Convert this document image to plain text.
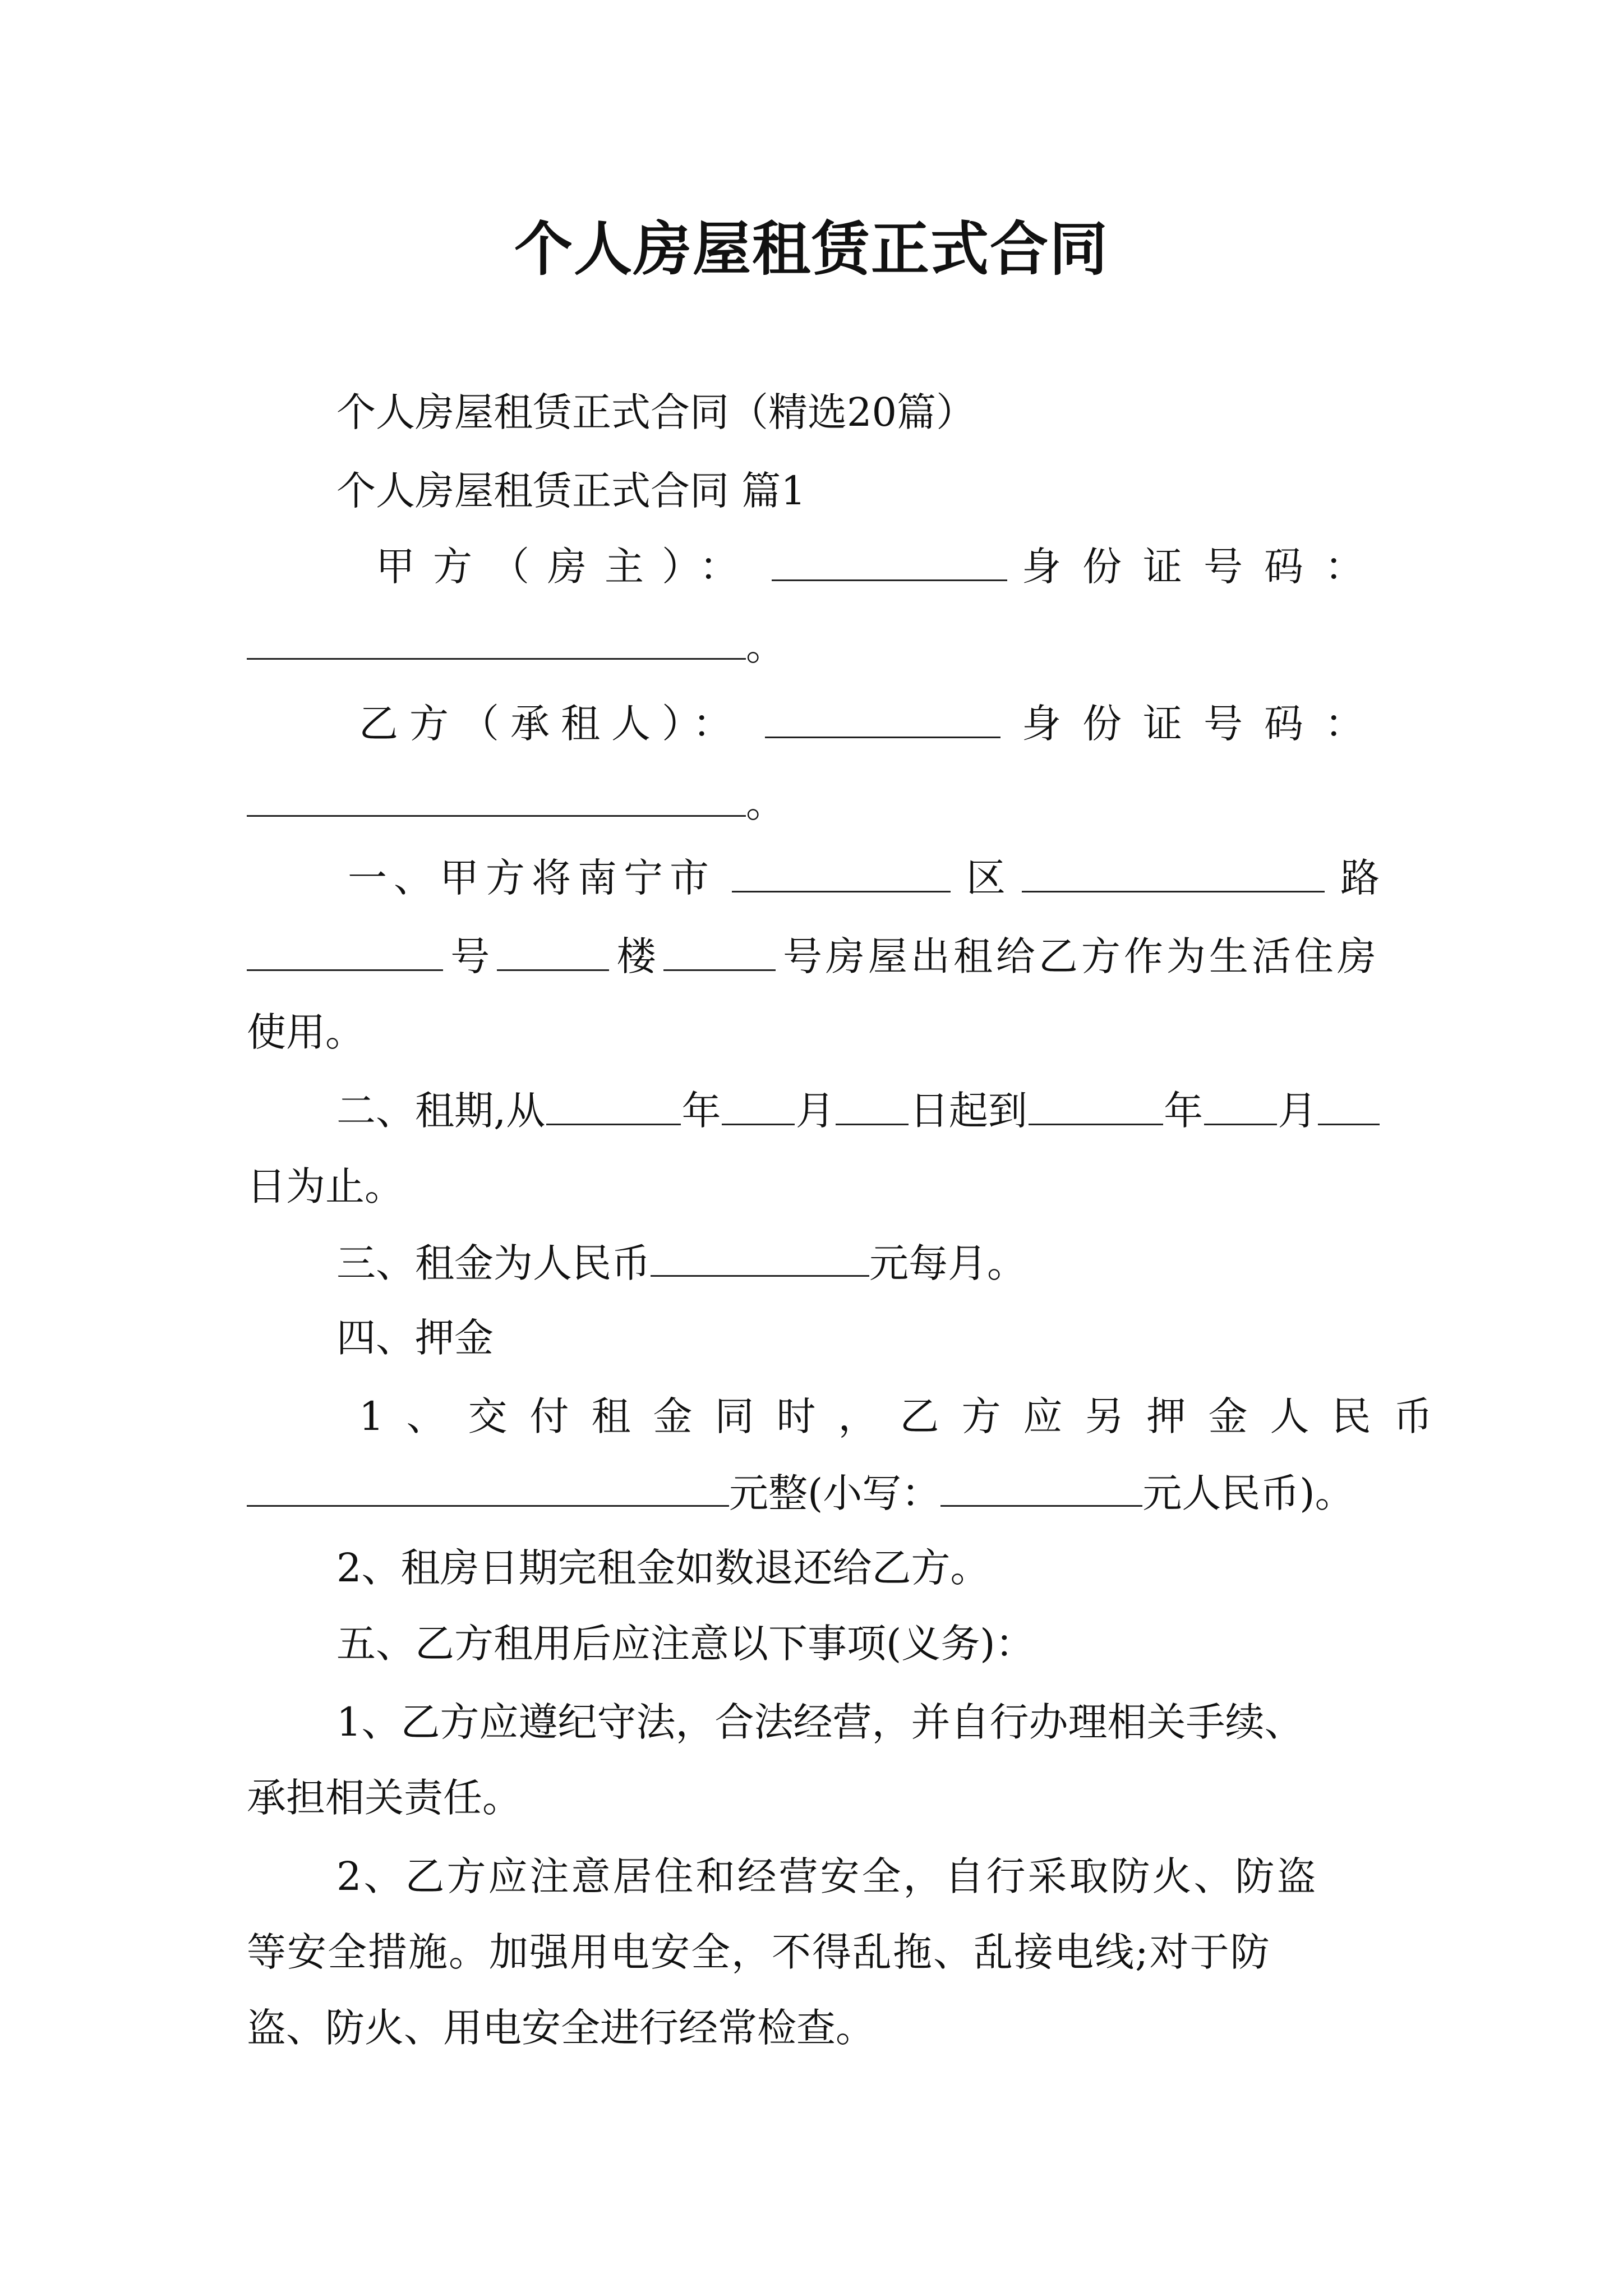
个人房屋租赁正式合同
个人房屋租赁正式合同（精选20篇）
个人房屋租赁正式合同 篇1
甲方（房主）：	身份证号码：
。
乙方（承租人）：	身份证号码：
。
一、甲方将南宁市	区	路
号	楼	号房屋出租给乙方作为生活住房
使用。
二、租期,从	年 月 日起到	年 月
日为止。
三、租金为人民币	元每月。
四、押金
1、交付租金同时，乙方应另押金人民币
元整(小写：	元人民币)。
2、租房日期完租金如数退还给乙方。
五、乙方租用后应注意以下事项(义务)：
1、乙方应遵纪守法，合法经营，并自行办理相关手续、
承担相关责任。
2、乙方应注意居住和经营安全，自行采取防火、防盗
等安全措施。加强用电安全，不得乱拖、乱接电线;对于防
盗、防火、用电安全进行经常检查。
